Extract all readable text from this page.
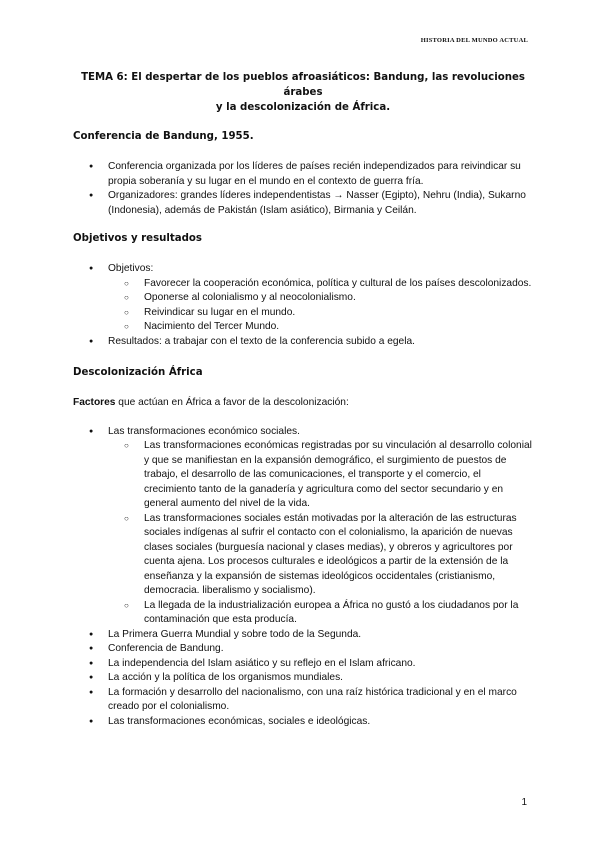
HISTORIA DEL MUNDO ACTUAL
TEMA 6: El despertar de los pueblos afroasiáticos: Bandung, las revoluciones árabes
y la descolonización de África.
Conferencia de Bandung, 1955.
● Conferencia organizada por los líderes de países recién independizados para reivindicar su propia soberanía y su lugar en el mundo en el contexto de guerra fría.
● Organizadores: grandes líderes independentistas → Nasser (Egipto), Nehru (India), Sukarno (Indonesia), además de Pakistán (Islam asiático), Birmania y Ceilán.
Objetivos y resultados
● Objetivos:
○ Favorecer la cooperación económica, política y cultural de los países descolonizados.
○ Oponerse al colonialismo y al neocolonialismo.
○ Reivindicar su lugar en el mundo.
○ Nacimiento del Tercer Mundo.
● Resultados: a trabajar con el texto de la conferencia subido a egela.
Descolonización África

Factores que actúan en África a favor de la descolonización:

● Las transformaciones económico sociales.
○ Las transformaciones económicas registradas por su vinculación al desarrollo colonial y que se manifiestan en la expansión demográfico, el surgimiento de puestos de trabajo, el desarrollo de las comunicaciones, el transporte y el comercio, el crecimiento tanto de la ganadería y agricultura como del sector secundario y en general aumento del nivel de la vida.
○ Las transformaciones sociales están motivadas por la alteración de las estructuras sociales indígenas al sufrir el contacto con el colonialismo, la aparición de nuevas clases sociales (burguesía nacional y clases medias), y obreros y agricultores por cuenta ajena. Los procesos culturales e ideológicos a partir de la extensión de la enseñanza y la expansión de sistemas ideológicos occidentales (cristianismo, democracia. liberalismo y socialismo).
○ La llegada de la industrialización europea a África no gustó a los ciudadanos por la contaminación que esta producía.
● La Primera Guerra Mundial y sobre todo de la Segunda.
● Conferencia de Bandung.
● La independencia del Islam asiático y su reflejo en el Islam africano.
● La acción y la política de los organismos mundiales.
● La formación y desarrollo del nacionalismo, con una raíz histórica tradicional y en el marco creado por el colonialismo.
● Las transformaciones económicas, sociales e ideológicas.
1
